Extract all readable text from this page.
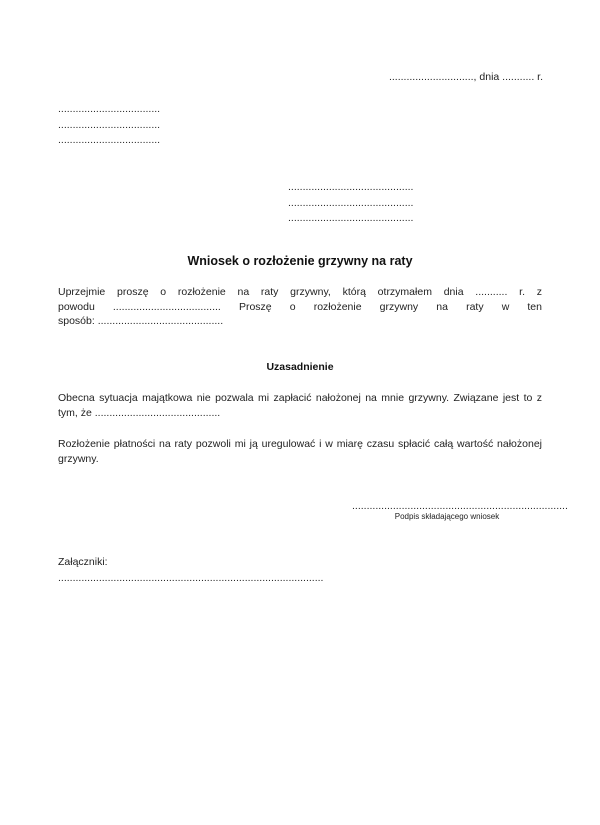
............................., dnia ........... r.
...................................
...................................
...................................
...........................................
...........................................
...........................................
Wniosek o rozłożenie grzywny na raty
Uprzejmie proszę o rozłożenie na raty grzywny, którą otrzymałem dnia ........... r. z
powodu ..................................... Proszę o rozłożenie grzywny na raty w ten
sposób: ...........................................
Uzasadnienie
Obecna sytuacja majątkowa nie pozwala mi zapłacić nałożonej na mnie grzywny. Związane jest to z tym, że ...........................................
Rozłożenie płatności na raty pozwoli mi ją uregulować i w miarę czasu spłacić całą wartość nałożonej grzywny.
..........................................................................
Podpis składającego wniosek
Załączniki:
...........................................................................................
